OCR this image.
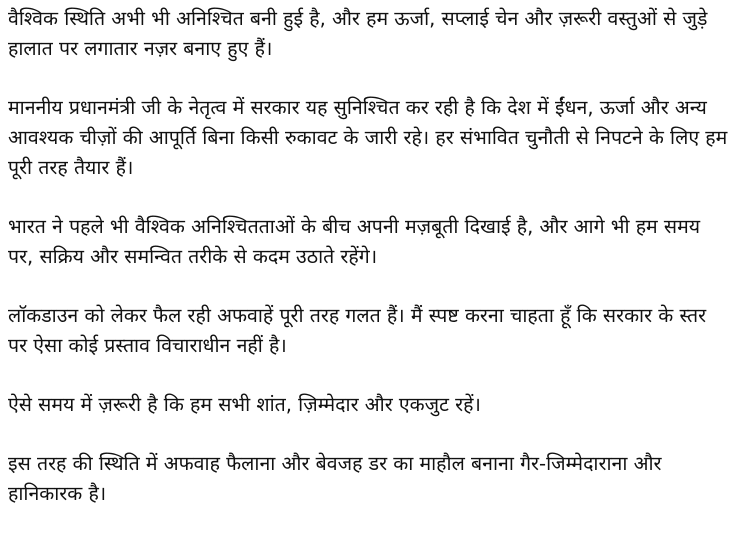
वैश्विक स्थिति अभी भी अनिश्चित बनी हुई है, और हम ऊर्जा, सप्लाई चेन और ज़रूरी वस्तुओं से जुड़े हालात पर लगातार नज़र बनाए हुए हैं।

माननीय प्रधानमंत्री जी के नेतृत्व में सरकार यह सुनिश्चित कर रही है कि देश में ईंधन, ऊर्जा और अन्य आवश्यक चीज़ों की आपूर्ति बिना किसी रुकावट के जारी रहे। हर संभावित चुनौती से निपटने के लिए हम पूरी तरह तैयार हैं।

भारत ने पहले भी वैश्विक अनिश्चितताओं के बीच अपनी मज़बूती दिखाई है, और आगे भी हम समय पर, सक्रिय और समन्वित तरीके से कदम उठाते रहेंगे।

लॉकडाउन को लेकर फैल रही अफवाहें पूरी तरह गलत हैं। मैं स्पष्ट करना चाहता हूँ कि सरकार के स्तर पर ऐसा कोई प्रस्ताव विचाराधीन नहीं है।

ऐसे समय में ज़रूरी है कि हम सभी शांत, ज़िम्मेदार और एकजुट रहें।

इस तरह की स्थिति में अफवाह फैलाना और बेवजह डर का माहौल बनाना गैर-जिम्मेदाराना और हानिकारक है।
